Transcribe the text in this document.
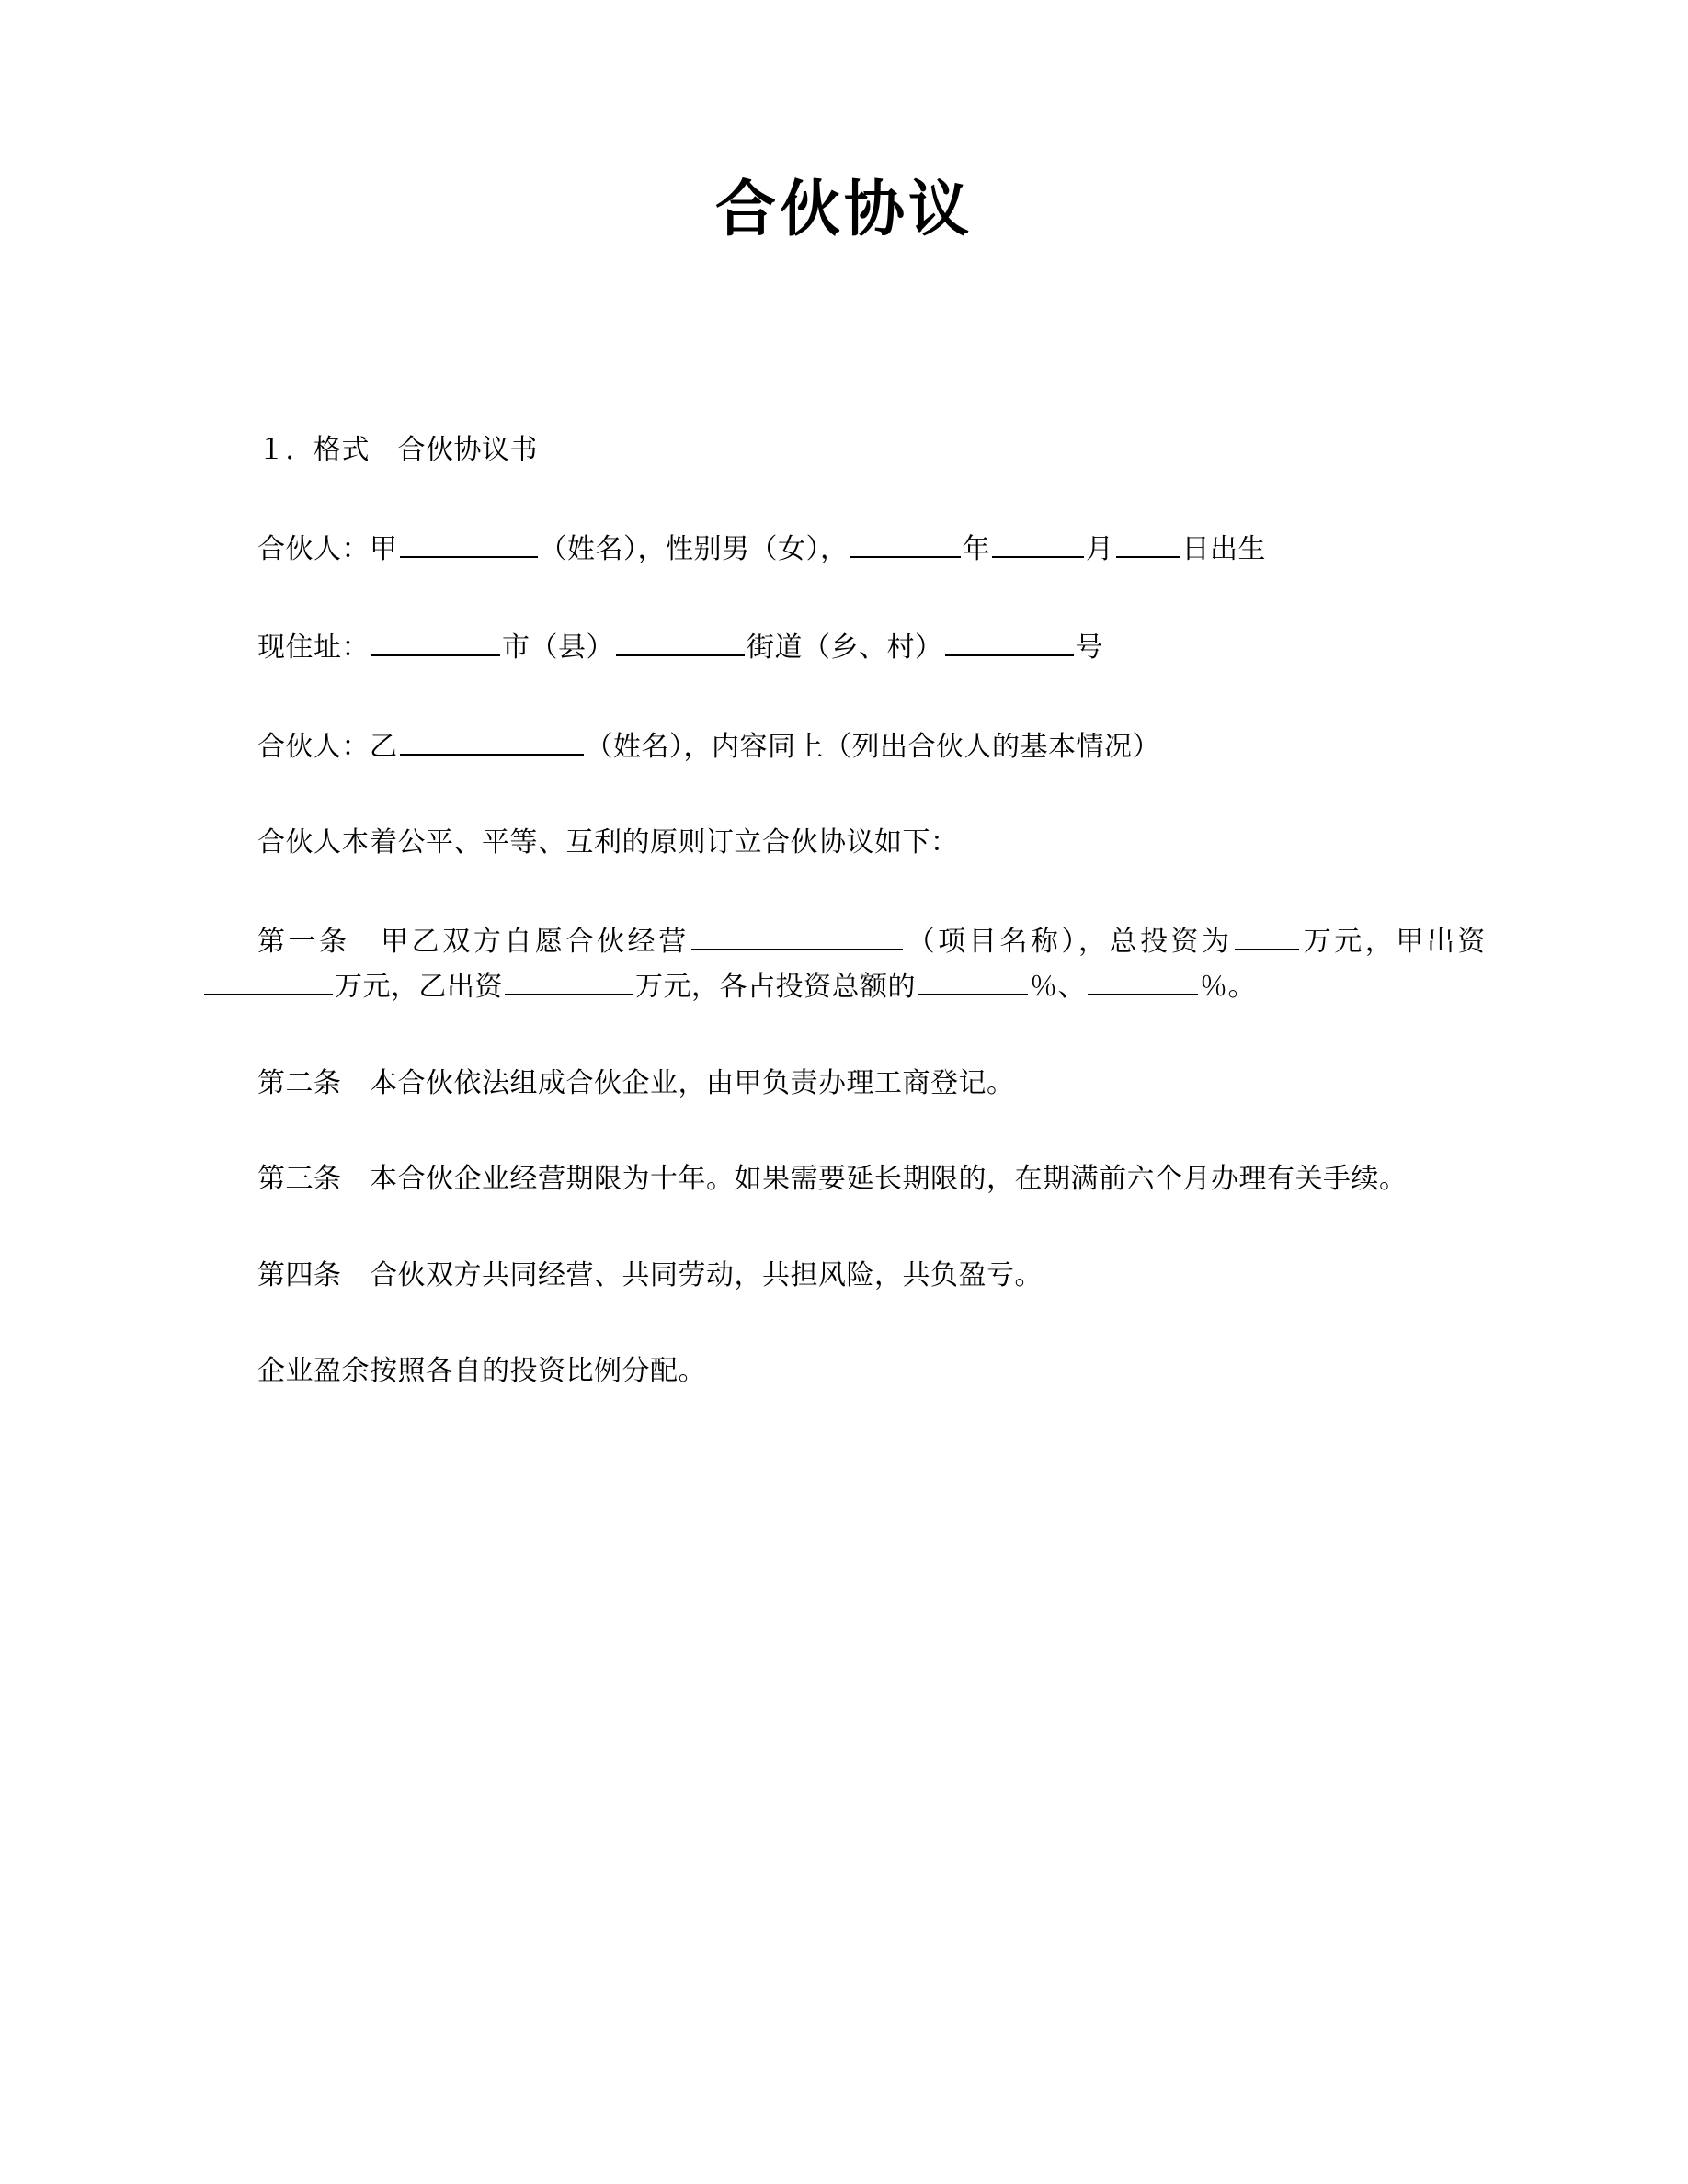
合伙协议

１．格式　合伙协议书

合伙人：甲	（姓名），性别男（女），	年	月 日出生

现住址：	市（县）	街道（乡、村）	号

合伙人：乙	（姓名），内容同上（列出合伙人的基本情况）

合伙人本着公平、平等、互利的原则订立合伙协议如下：

第一条　甲乙双方自愿合伙经营	（项目名称），总投资为 万元，甲出资万元，乙出资	万元，各占投资总额的	％、	％。

第二条　本合伙依法组成合伙企业，由甲负责办理工商登记。

第三条　本合伙企业经营期限为十年。如果需要延长期限的，在期满前六个月办理有关手续。

第四条　合伙双方共同经营、共同劳动，共担风险，共负盈亏。

企业盈余按照各自的投资比例分配。
